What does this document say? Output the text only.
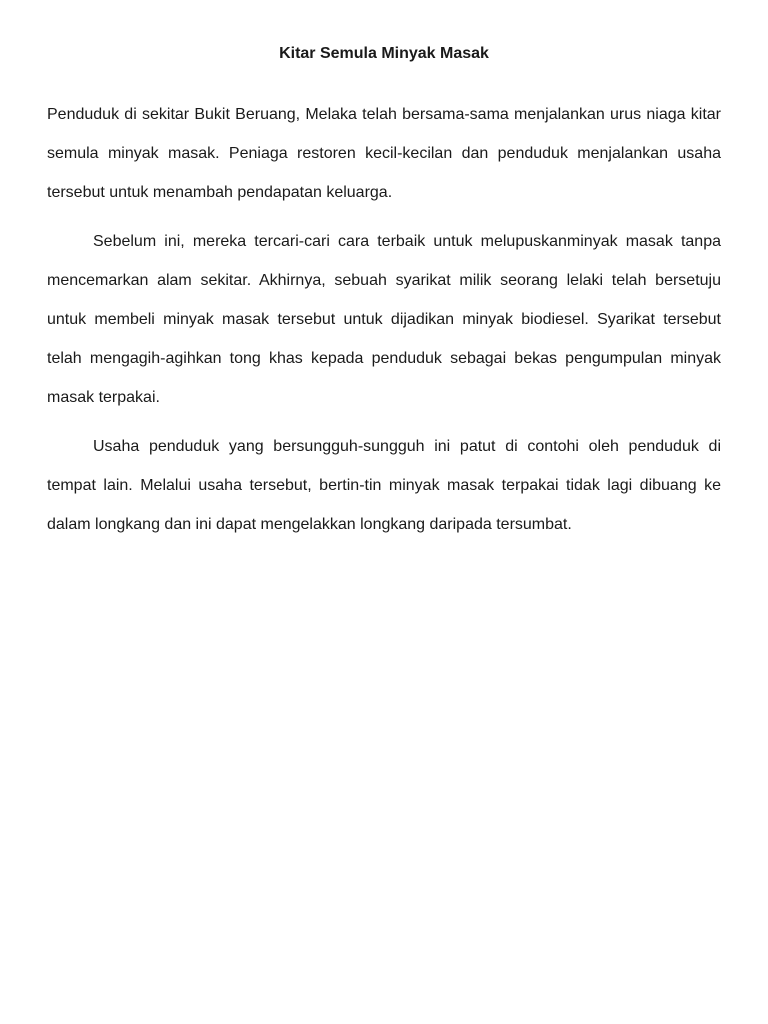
Kitar Semula Minyak Masak

Penduduk di sekitar Bukit Beruang, Melaka telah bersama-sama menjalankan urus niaga kitar semula minyak masak. Peniaga restoren kecil-kecilan dan penduduk menjalankan usaha tersebut untuk menambah pendapatan keluarga.

Sebelum ini, mereka tercari-cari cara terbaik untuk melupuskanminyak masak tanpa mencemarkan alam sekitar. Akhirnya, sebuah syarikat milik seorang lelaki telah bersetuju untuk membeli minyak masak tersebut untuk dijadikan minyak biodiesel. Syarikat tersebut telah mengagih-agihkan tong khas kepada penduduk sebagai bekas pengumpulan minyak masak terpakai.

Usaha penduduk yang bersungguh-sungguh ini patut di contohi oleh penduduk di tempat lain. Melalui usaha tersebut, bertin-tin minyak masak terpakai tidak lagi dibuang ke dalam longkang dan ini dapat mengelakkan longkang daripada tersumbat.
